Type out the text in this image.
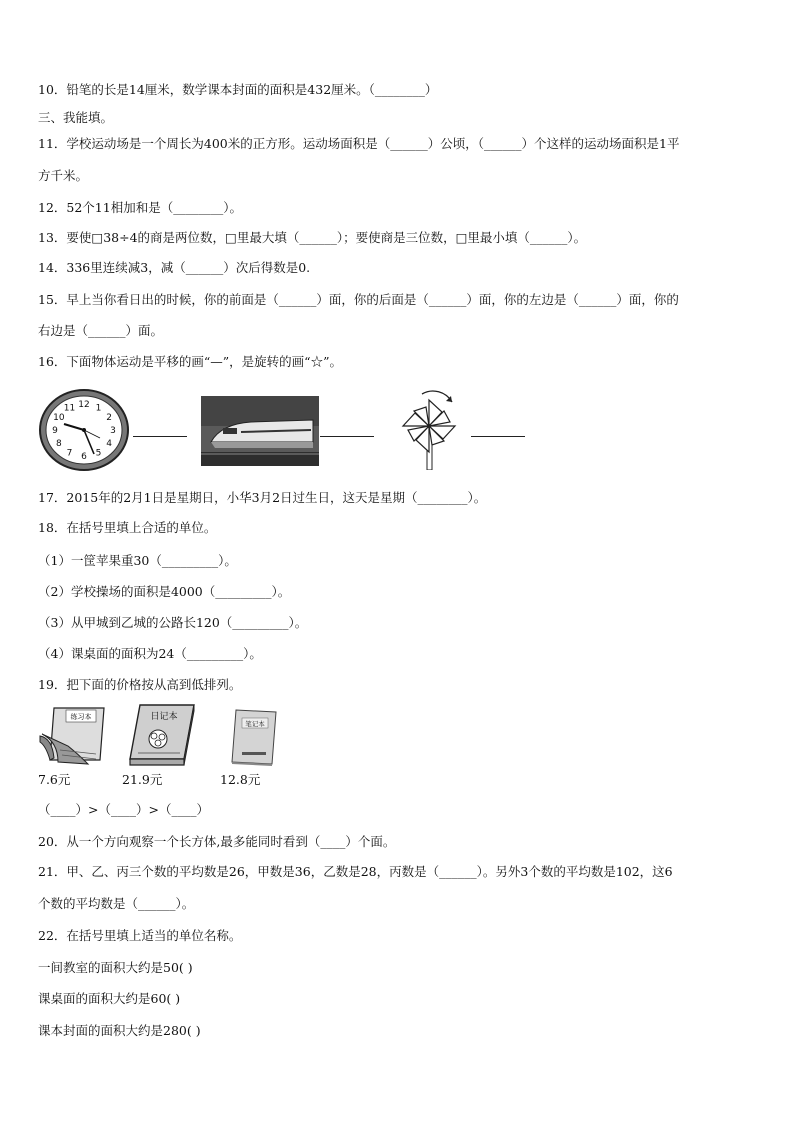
10．铅笔的长是14厘米，数学课本封面的面积是432厘米。（________）
三、我能填。
11．学校运动场是一个周长为400米的正方形。运动场面积是（______）公顷，（______）个这样的运动场面积是1平
方千米。
12．52个11相加和是（________）。
13．要使□38÷4的商是两位数，□里最大填（______）；要使商是三位数，□里最小填（______）。
14．336里连续减3，减（______）次后得数是0.
15．早上当你看日出的时候，你的前面是（______）面，你的后面是（______）面，你的左边是（______）面，你的
右边是（______）面。
16．下面物体运动是平移的画“—”，是旋转的画“☆”。
12 1
2
3
4
5
6
7
8
9
10
11
17．2015年的2月1日是星期日，小华3月2日过生日，这天是星期（________）。
18．在括号里填上合适的单位。
（1）一筐苹果重30（_________）。
（2）学校操场的面积是4000（_________）。
（3）从甲城到乙城的公路长120（_________）。
（4）课桌面的面积为24（_________）。
19．把下面的价格按从高到低排列。
练习本	日记本
笔记本
7.6元	21.9元	12.8元
（____）>（____）>（____）
20．从一个方向观察一个长方体,最多能同时看到（____）个面。
21．甲、乙、丙三个数的平均数是26，甲数是36，乙数是28，丙数是（______）。另外3个数的平均数是102，这6
个数的平均数是（______）。
22．在括号里填上适当的单位名称。
一间教室的面积大约是50( )
课桌面的面积大约是60( )
课本封面的面积大约是280( )
